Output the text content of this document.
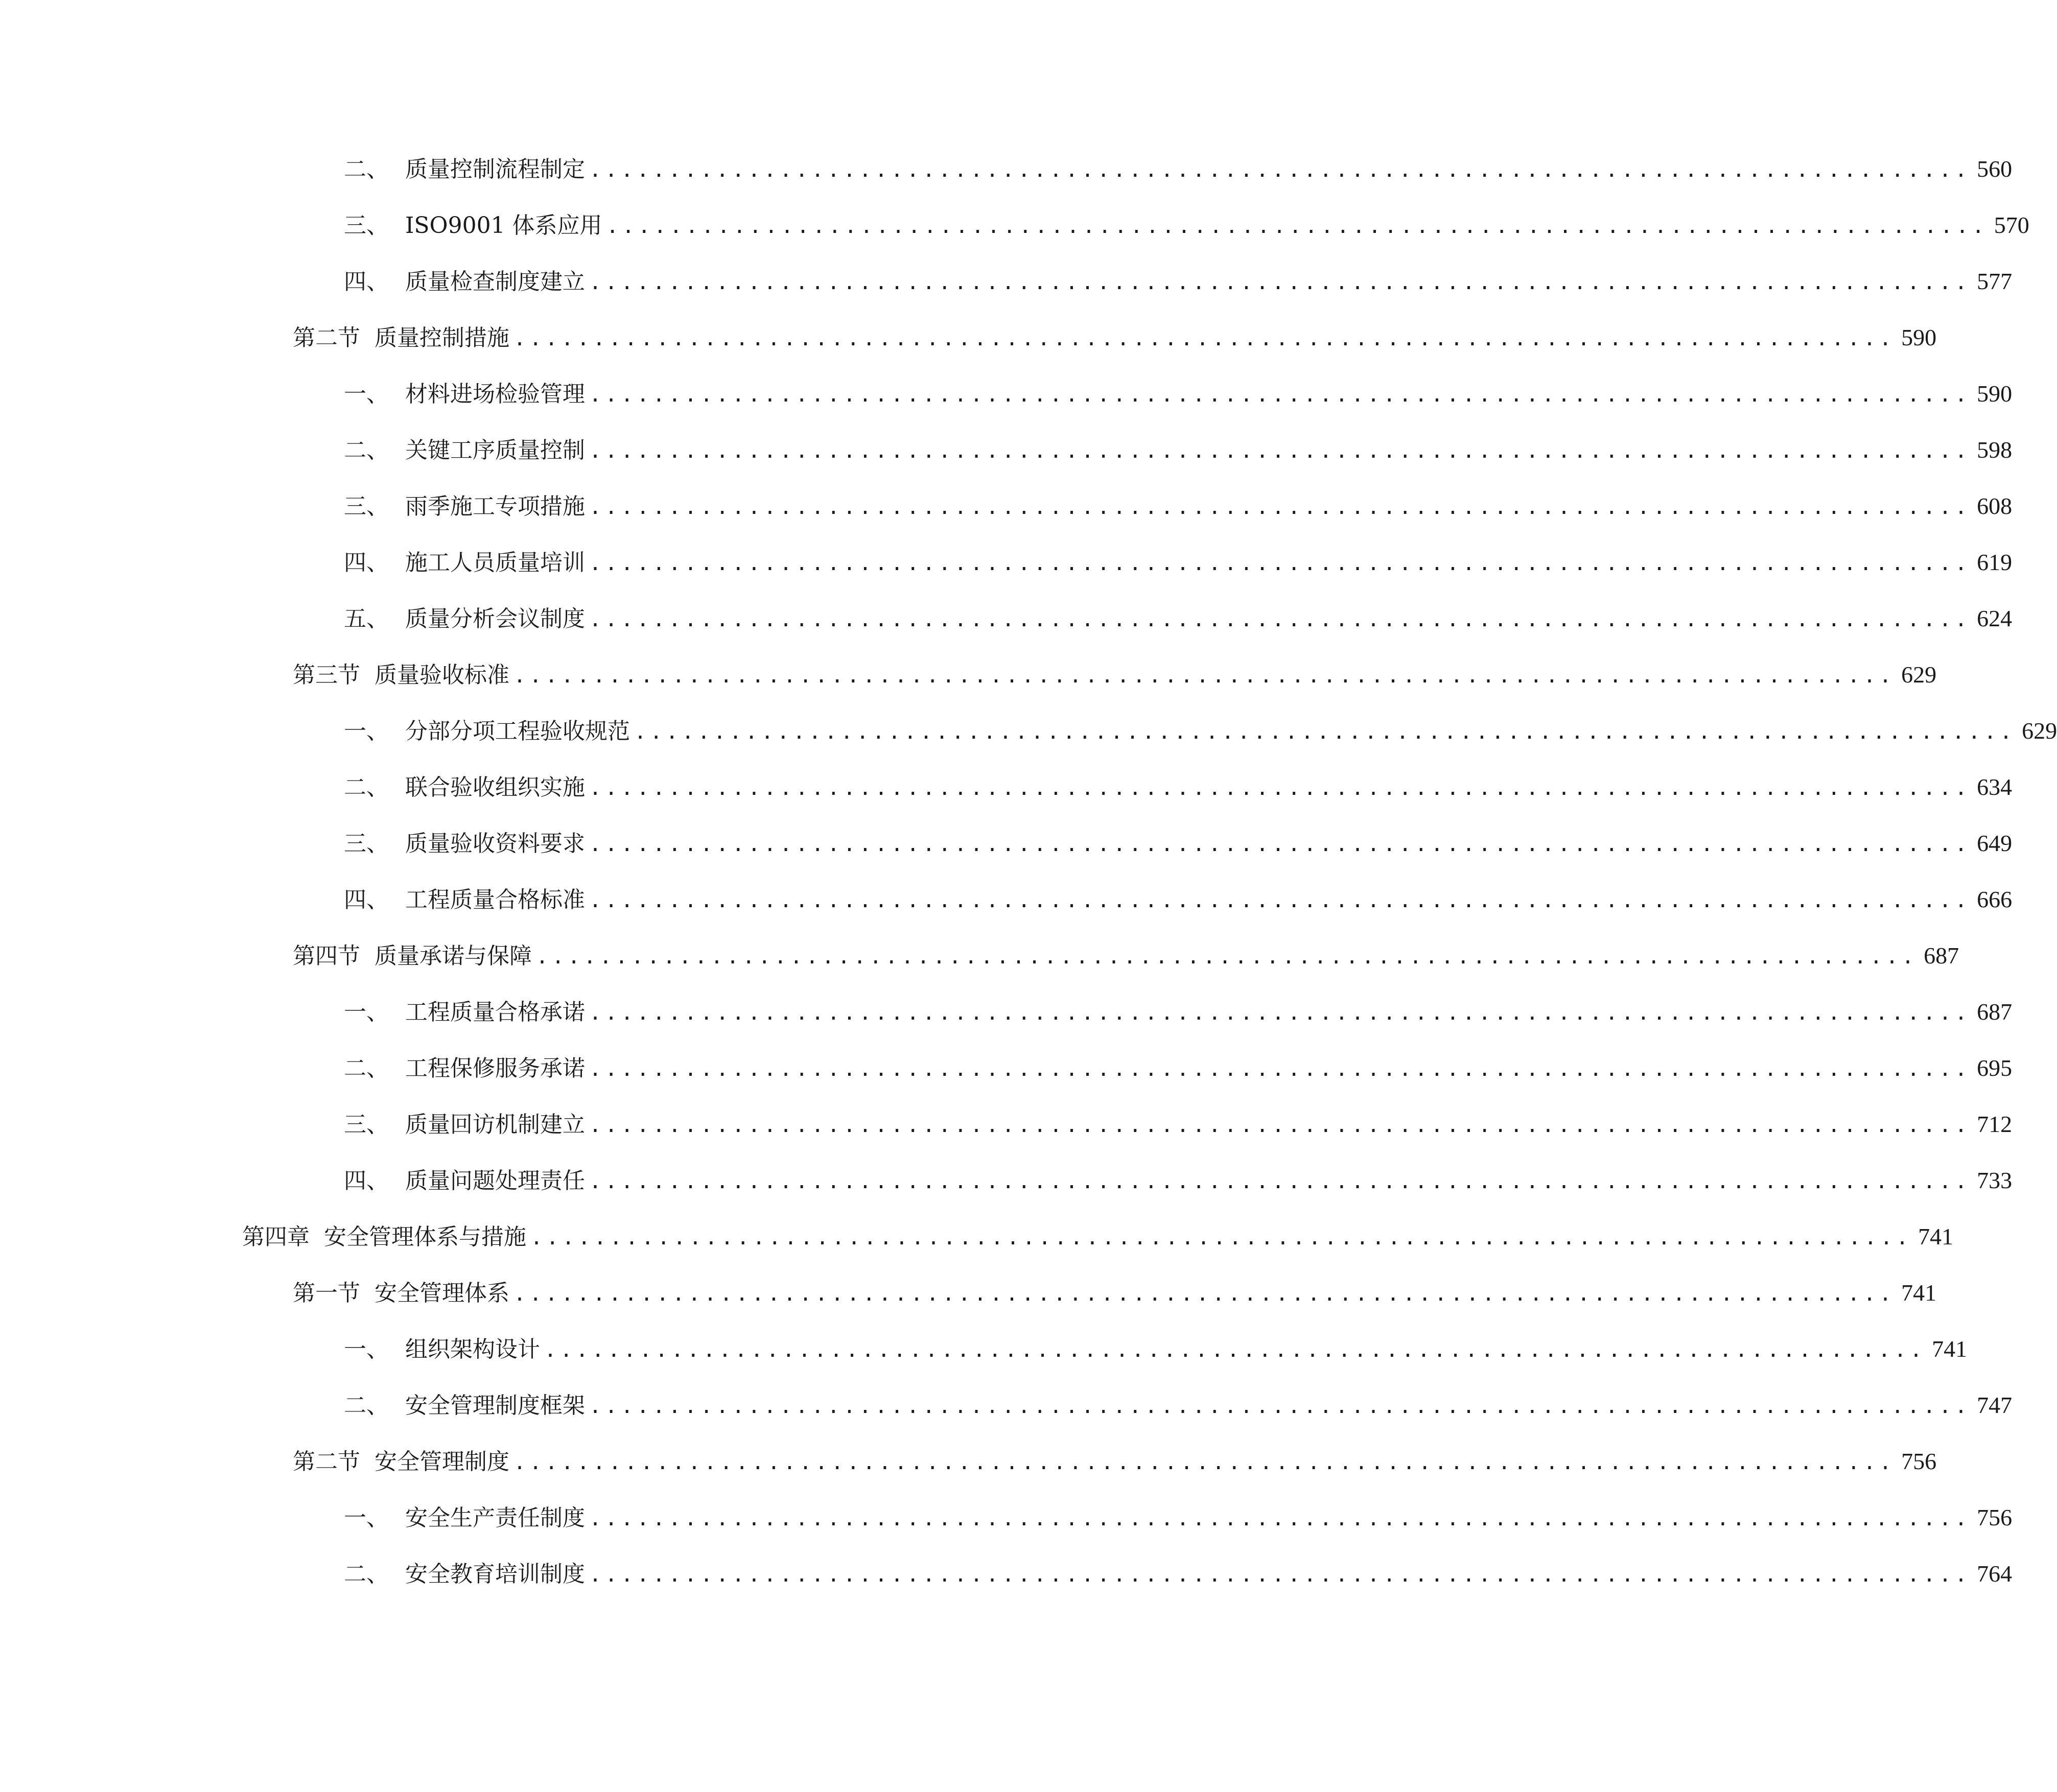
二、 质量控制流程制定 ....................................................................................... 560
三、 ISO9001 体系应用 ....................................................................................... 570
四、 质量检查制度建立 ....................................................................................... 577
第二节 质量控制措施 ....................................................................................... 590
一、 材料进场检验管理 ....................................................................................... 590
二、 关键工序质量控制 ....................................................................................... 598
三、 雨季施工专项措施 ....................................................................................... 608
四、 施工人员质量培训 ....................................................................................... 619
五、 质量分析会议制度 ....................................................................................... 624
第三节 质量验收标准 ....................................................................................... 629
一、 分部分项工程验收规范 ....................................................................................... 629
二、 联合验收组织实施 ....................................................................................... 634
三、 质量验收资料要求 ....................................................................................... 649
四、 工程质量合格标准 ....................................................................................... 666
第四节 质量承诺与保障 ....................................................................................... 687
一、 工程质量合格承诺 ....................................................................................... 687
二、 工程保修服务承诺 ....................................................................................... 695
三、 质量回访机制建立 ....................................................................................... 712
四、 质量问题处理责任 ....................................................................................... 733
第四章 安全管理体系与措施 ....................................................................................... 741
第一节 安全管理体系 ....................................................................................... 741
一、 组织架构设计 ....................................................................................... 741
二、 安全管理制度框架 ....................................................................................... 747
第二节 安全管理制度 ....................................................................................... 756
一、 安全生产责任制度 ....................................................................................... 756
二、 安全教育培训制度 ....................................................................................... 764
